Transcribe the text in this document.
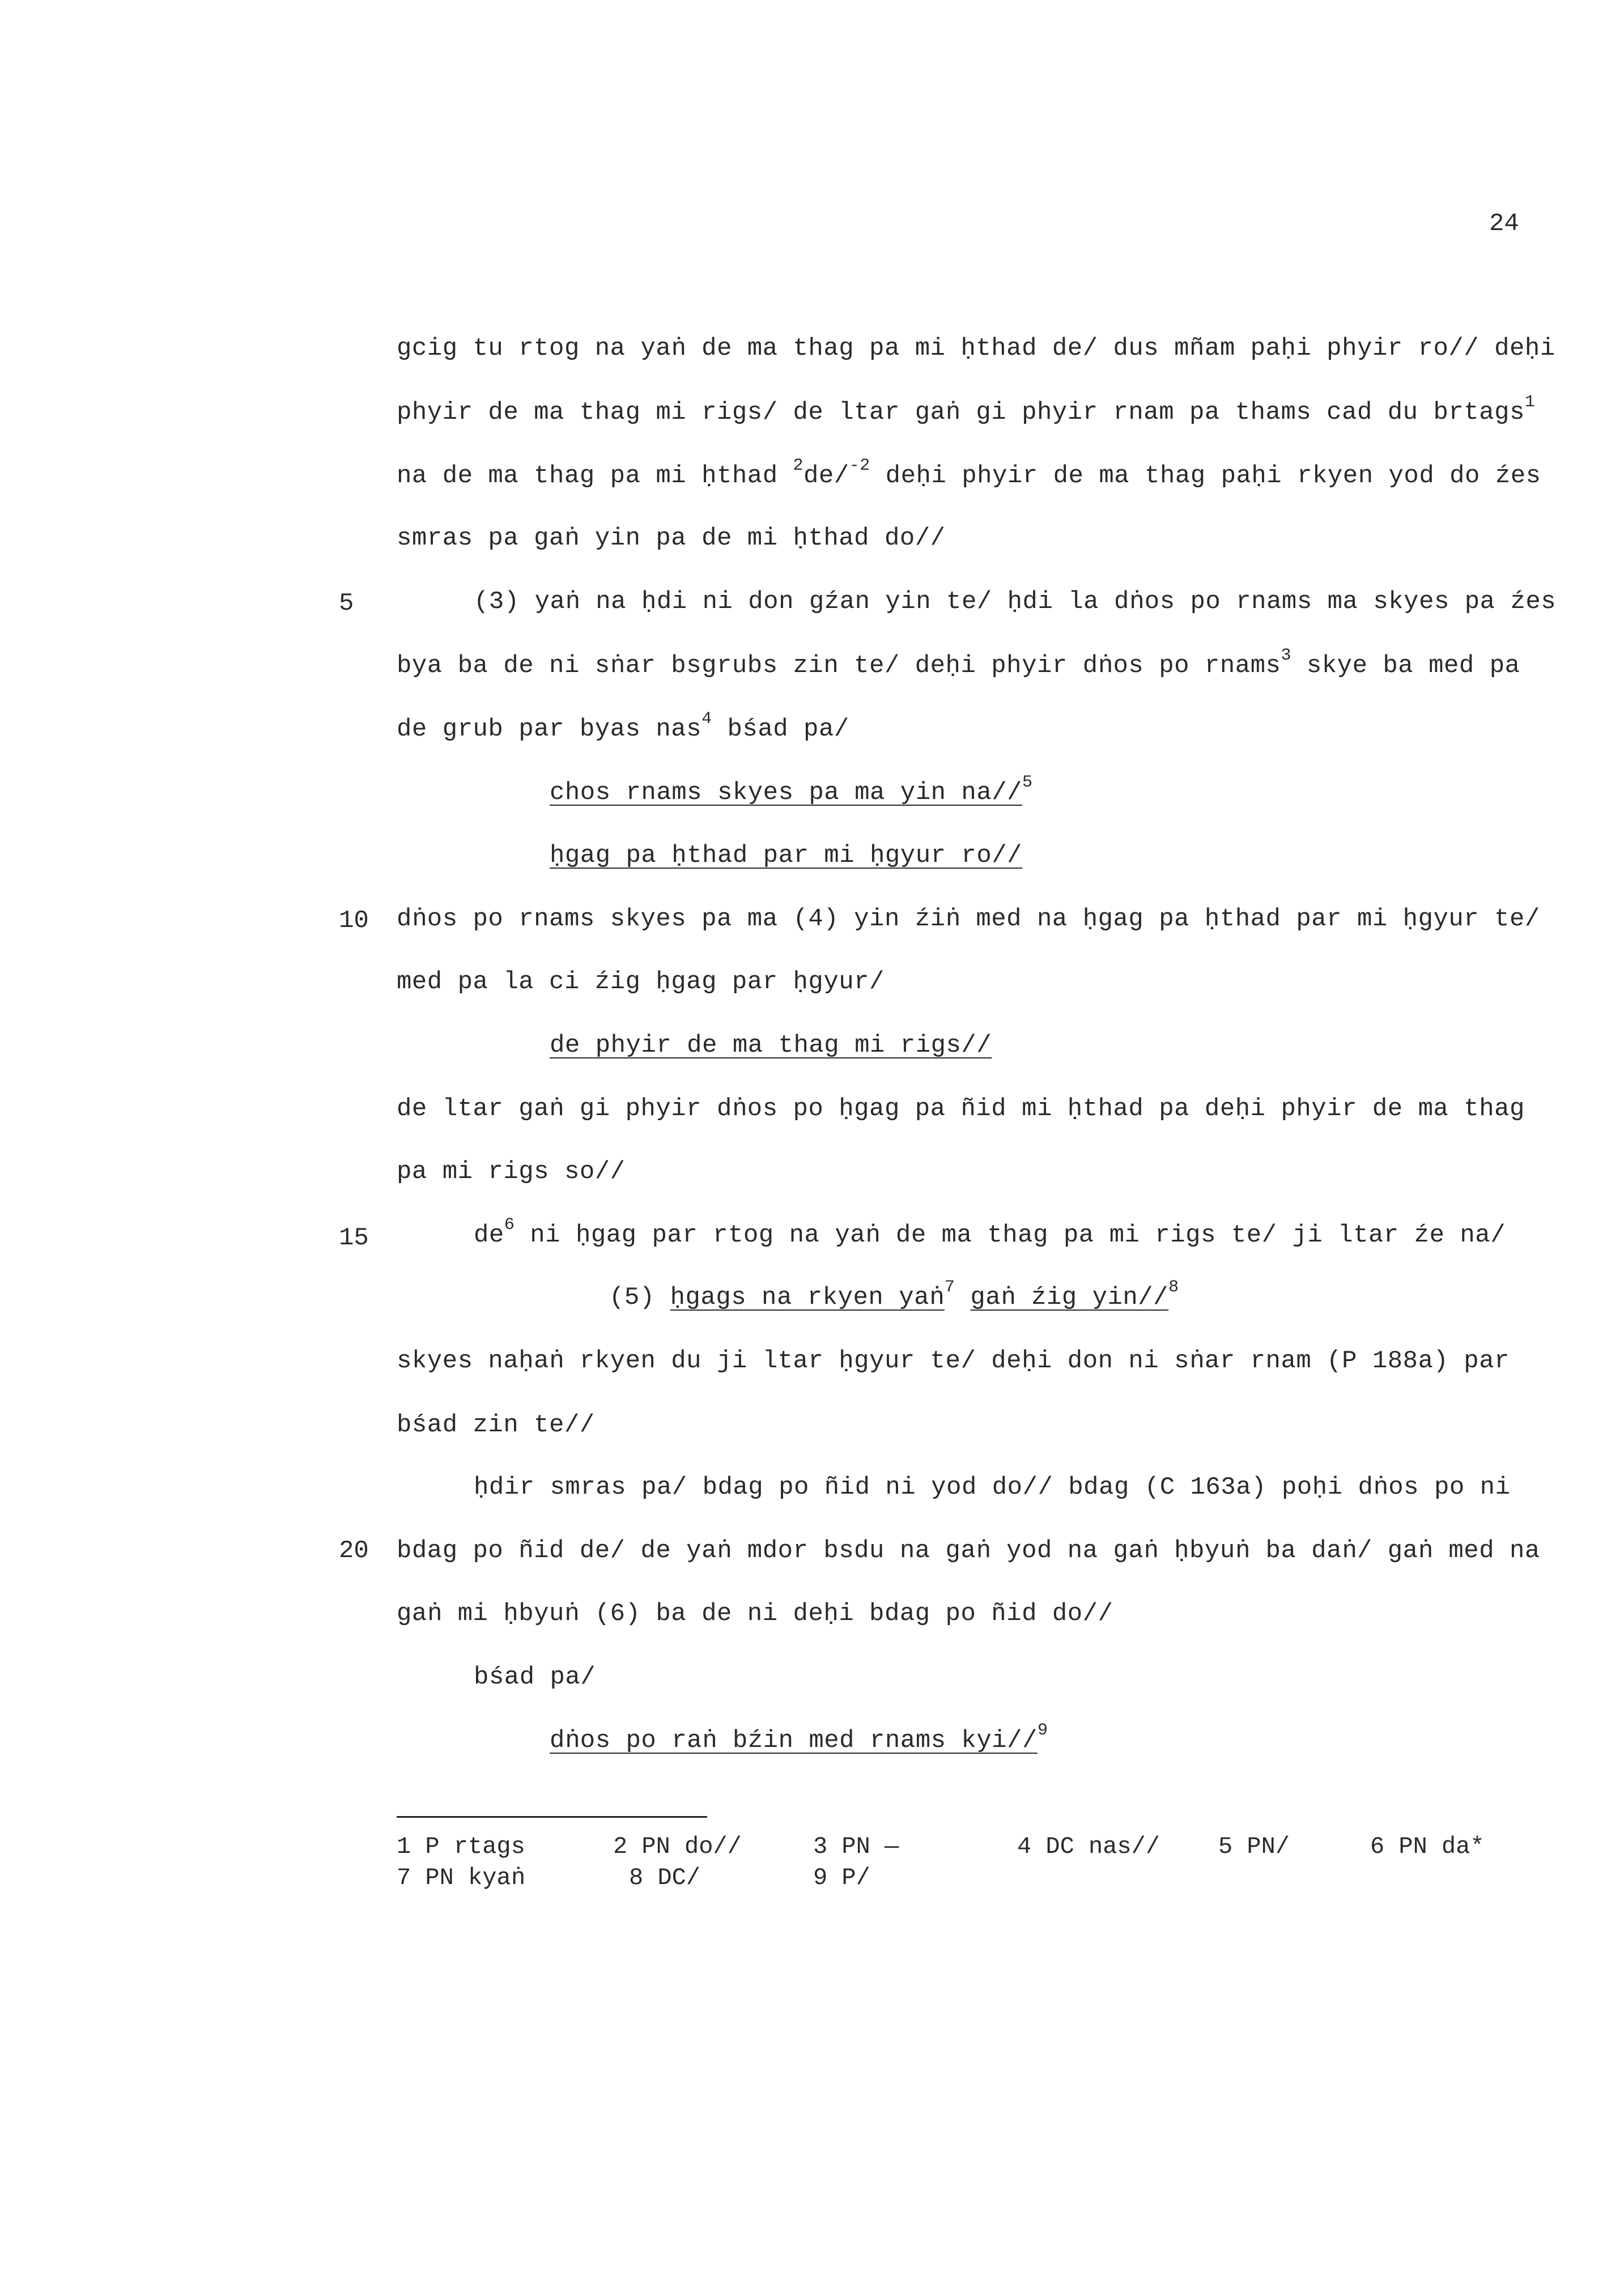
24
gcig tu rtog na yaṅ de ma thag pa mi ḥthad de/ dus mñam paḥi phyir ro// deḥi
phyir de ma thag mi rigs/ de ltar gaṅ gi phyir rnam pa thams cad du brtags$^1$
na de ma thag pa mi ḥthad $^2$de/$^{-2}$ deḥi phyir de ma thag paḥi rkyen yod do źes
smras pa gaṅ yin pa de mi ḥthad do//
(3) yaṅ na ḥdi ni don gźan yin te/ ḥdi la dṅos po rnams ma skyes pa źes
bya ba de ni sṅar bsgrubs zin te/ deḥi phyir dṅos po rnams$^3$ skye ba med pa
de grub par byas nas$^4$ bśad pa/
chos rnams skyes pa ma yin na//$^5$
ḥgag pa ḥthad par mi ḥgyur ro//
dṅos po rnams skyes pa ma (4) yin źiṅ med na ḥgag pa ḥthad par mi ḥgyur te/
med pa la ci źig ḥgag par ḥgyur/
de phyir de ma thag mi rigs//
de ltar gaṅ gi phyir dṅos po ḥgag pa ñid mi ḥthad pa deḥi phyir de ma thag
pa mi rigs so//
$de^6$ ni ḥgag par rtog na yaṅ de ma thag pa mi rigs te/ ji ltar źe na/
(5) ḥgags na rkyen yaṅ$^7$ gaṅ źig yin//$^8$
skyes naḥaṅ rkyen du ji ltar ḥgyur te/ deḥi don ni sṅar rnam (P 188a) par
bśad zin te//
ḥdir smras pa/ bdag po ñid ni yod do// bdag (C 163a) poḥi dṅos po ni
bdag po ñid de/ de yaṅ mdor bsdu na gaṅ yod na gaṅ ḥbyuṅ ba daṅ/ gaṅ med na
gaṅ mi ḥbyuṅ (6) ba de ni deḥi bdag po ñid do//
bśad pa/
dṅos po raṅ bźin med rnams kyi//$^9$
5
10
15
20
1 P rtags	2 PN do//	3 PN —	4 DC nas// 5 PN/	6 PN da*
7 PN kyaṅ	8 DC/	9 P/
